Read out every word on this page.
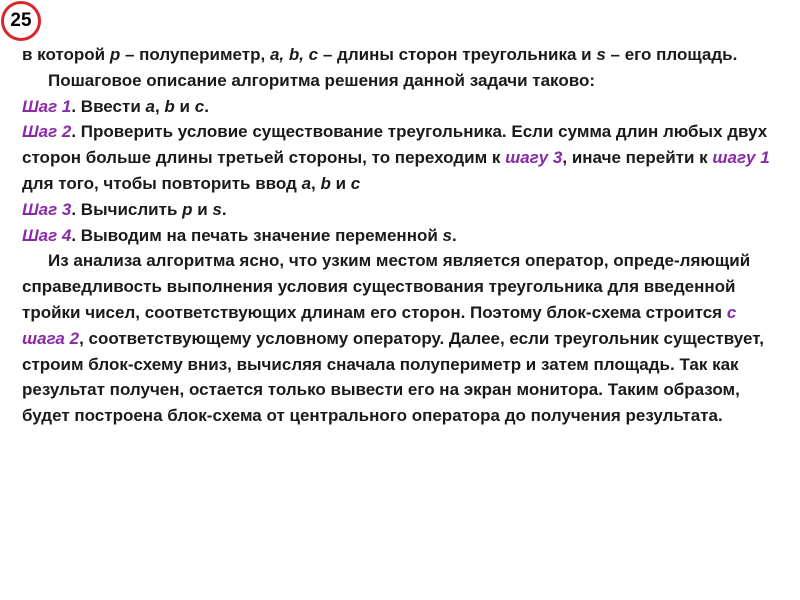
25

в которой p – полупериметр, a, b, c – длины сторон треугольника и s – его площадь.

Пошаговое описание алгоритма решения данной задачи таково:

Шаг 1. Ввести a, b и c.

Шаг 2. Проверить условие существование треугольника. Если сумма длин любых двух сторон больше длины третьей стороны, то переходим к шагу 3, иначе перейти к шагу 1 для того, чтобы повторить ввод a, b и c

Шаг 3. Вычислить p и s.

Шаг 4. Выводим на печать значение переменной s.

Из анализа алгоритма ясно, что узким местом является оператор, опреде-ляющий справедливость выполнения условия существования треугольника для введенной тройки чисел, соответствующих длинам его сторон. Поэтому блок-схема строится с шага 2, соответствующему условному оператору. Далее, если треугольник существует, строим блок-схему вниз, вычисляя сначала полупериметр и затем площадь. Так как результат получен, остается только вывести его на экран монитора. Таким образом, будет построена блок-схема от центрального оператора до получения результата.
